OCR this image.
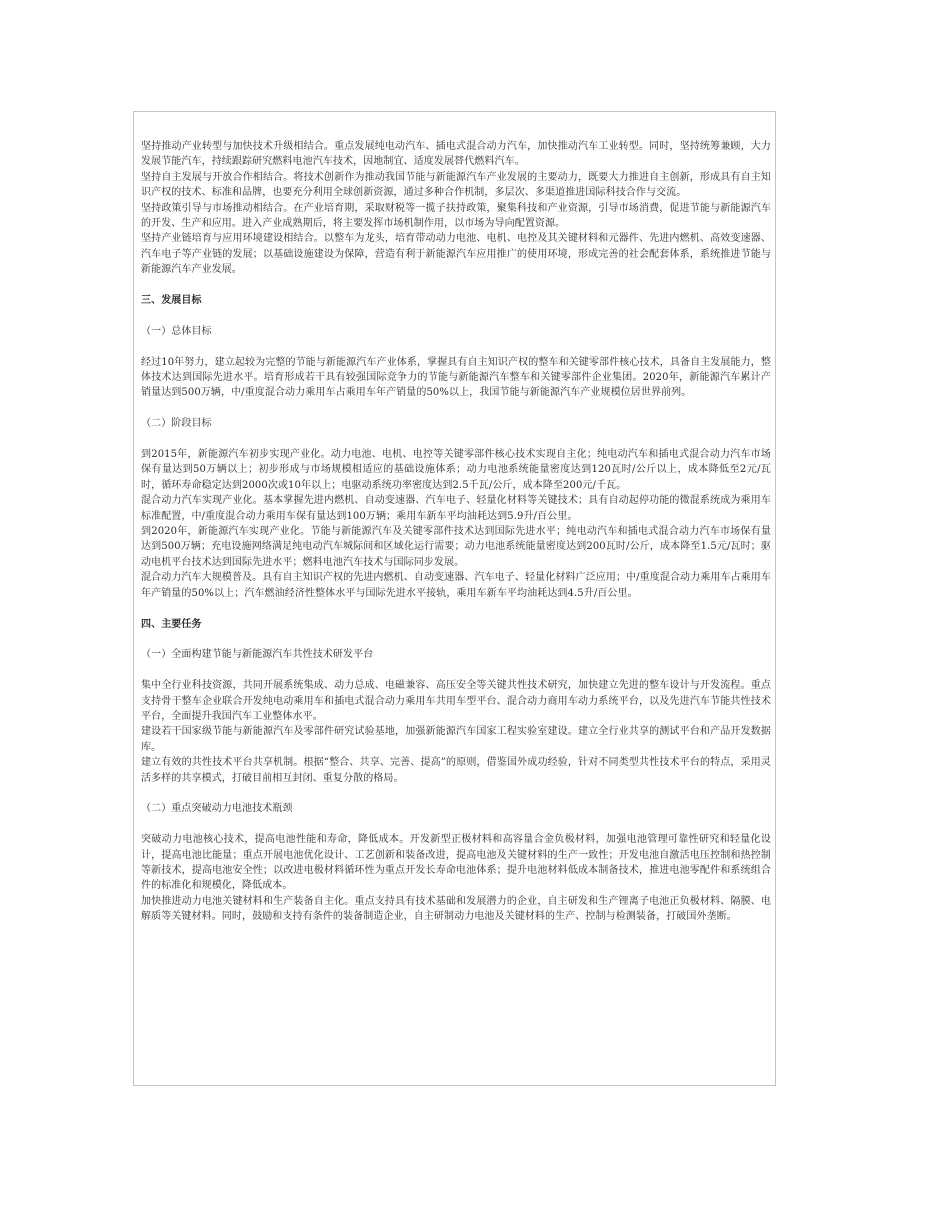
坚持推动产业转型与加快技术升级相结合。重点发展纯电动汽车、插电式混合动力汽车，加快推动汽车工业转型。同时，坚持统筹兼顾，大力发展节能汽车，持续跟踪研究燃料电池汽车技术，因地制宜、适度发展替代燃料汽车。

坚持自主发展与开放合作相结合。将技术创新作为推动我国节能与新能源汽车产业发展的主要动力，既要大力推进自主创新，形成具有自主知识产权的技术、标准和品牌，也要充分利用全球创新资源，通过多种合作机制，多层次、多渠道推进国际科技合作与交流。

坚持政策引导与市场推动相结合。在产业培育期，采取财税等一揽子扶持政策，聚集科技和产业资源，引导市场消费，促进节能与新能源汽车的开发、生产和应用。进入产业成熟期后，将主要发挥市场机制作用，以市场为导向配置资源。

坚持产业链培育与应用环境建设相结合。以整车为龙头，培育带动动力电池、电机、电控及其关键材料和元器件、先进内燃机、高效变速器、汽车电子等产业链的发展；以基础设施建设为保障，营造有利于新能源汽车应用推广的使用环境，形成完善的社会配套体系，系统推进节能与新能源汽车产业发展。

三、发展目标

（一）总体目标

经过10年努力，建立起较为完整的节能与新能源汽车产业体系，掌握具有自主知识产权的整车和关键零部件核心技术，具备自主发展能力，整体技术达到国际先进水平。培育形成若干具有较强国际竞争力的节能与新能源汽车整车和关键零部件企业集团。2020年，新能源汽车累计产销量达到500万辆，中/重度混合动力乘用车占乘用车年产销量的50%以上，我国节能与新能源汽车产业规模位居世界前列。

（二）阶段目标

到2015年，新能源汽车初步实现产业化。动力电池、电机、电控等关键零部件核心技术实现自主化；纯电动汽车和插电式混合动力汽车市场保有量达到50万辆以上；初步形成与市场规模相适应的基础设施体系；动力电池系统能量密度达到120瓦时/公斤以上，成本降低至2元/瓦时，循环寿命稳定达到2000次或10年以上；电驱动系统功率密度达到2.5千瓦/公斤，成本降至200元/千瓦。

混合动力汽车实现产业化。基本掌握先进内燃机、自动变速器、汽车电子、轻量化材料等关键技术；具有自动起停功能的微混系统成为乘用车标准配置，中/重度混合动力乘用车保有量达到100万辆；乘用车新车平均油耗达到5.9升/百公里。

到2020年，新能源汽车实现产业化。节能与新能源汽车及关键零部件技术达到国际先进水平；纯电动汽车和插电式混合动力汽车市场保有量达到500万辆；充电设施网络满足纯电动汽车城际间和区域化运行需要；动力电池系统能量密度达到200瓦时/公斤，成本降至1.5元/瓦时；驱动电机平台技术达到国际先进水平；燃料电池汽车技术与国际同步发展。

混合动力汽车大规模普及。具有自主知识产权的先进内燃机、自动变速器、汽车电子、轻量化材料广泛应用；中/重度混合动力乘用车占乘用车年产销量的50%以上；汽车燃油经济性整体水平与国际先进水平接轨，乘用车新车平均油耗达到4.5升/百公里。

四、主要任务

（一）全面构建节能与新能源汽车共性技术研发平台

集中全行业科技资源，共同开展系统集成、动力总成、电磁兼容、高压安全等关键共性技术研究，加快建立先进的整车设计与开发流程。重点支持骨干整车企业联合开发纯电动乘用车和插电式混合动力乘用车共用车型平台、混合动力商用车动力系统平台，以及先进汽车节能共性技术平台，全面提升我国汽车工业整体水平。

建设若干国家级节能与新能源汽车及零部件研究试验基地，加强新能源汽车国家工程实验室建设。建立全行业共享的测试平台和产品开发数据库。

建立有效的共性技术平台共享机制。根据“整合、共享、完善、提高”的原则，借鉴国外成功经验，针对不同类型共性技术平台的特点，采用灵活多样的共享模式，打破目前相互封闭、重复分散的格局。

（二）重点突破动力电池技术瓶颈

突破动力电池核心技术，提高电池性能和寿命，降低成本。开发新型正极材料和高容量合金负极材料，加强电池管理可靠性研究和轻量化设计，提高电池比能量；重点开展电池优化设计、工艺创新和装备改进，提高电池及关键材料的生产一致性；开发电池自激活电压控制和热控制等新技术，提高电池安全性；以改进电极材料循环性为重点开发长寿命电池体系；提升电池材料低成本制备技术，推进电池零配件和系统组合件的标准化和规模化，降低成本。

加快推进动力电池关键材料和生产装备自主化。重点支持具有技术基础和发展潜力的企业，自主研发和生产锂离子电池正负极材料、隔膜、电解质等关键材料。同时，鼓励和支持有条件的装备制造企业，自主研制动力电池及关键材料的生产、控制与检测装备，打破国外垄断。
